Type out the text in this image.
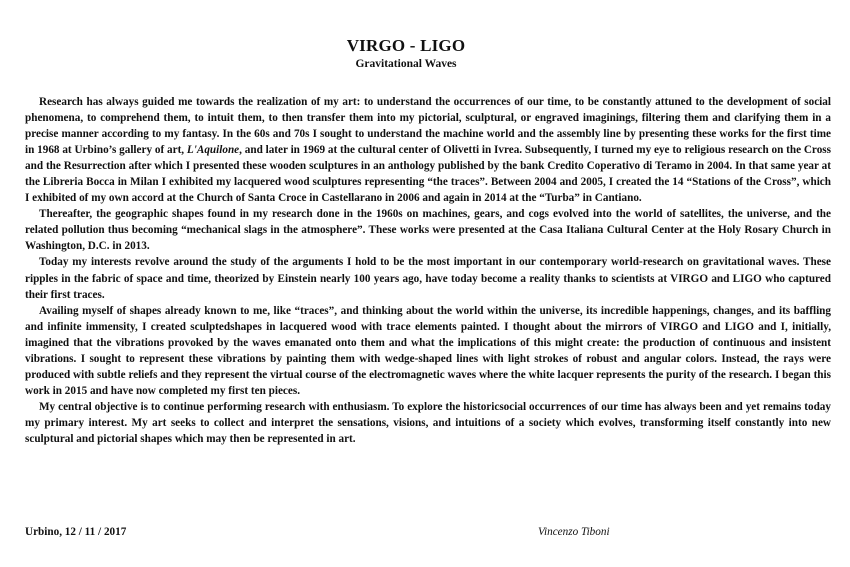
VIRGO - LIGO
Gravitational Waves

Research has always guided me towards the realization of my art: to understand the occurrences of our time, to be constantly attuned to the development of social phenomena, to comprehend them, to intuit them, to then transfer them into my pictorial, sculptural, or engraved imaginings, filtering them and clarifying them in a precise manner according to my fantasy. In the 60s and 70s I sought to understand the machine world and the assembly line by presenting these works for the first time in 1968 at Urbino’s gallery of art, L'Aquilone, and later in 1969 at the cultural center of Olivetti in Ivrea. Subsequently, I turned my eye to religious research on the Cross and the Resurrection after which I presented these wooden sculptures in an anthology published by the bank Credito Coperativo di Teramo in 2004. In that same year at the Libreria Bocca in Milan I exhibited my lacquered wood sculptures representing “the traces”. Between 2004 and 2005, I created the 14 “Stations of the Cross”, which I exhibited of my own accord at the Church of Santa Croce in Castellarano in 2006 and again in 2014 at the “Turba” in Cantiano.

Thereafter, the geographic shapes found in my research done in the 1960s on machines, gears, and cogs evolved into the world of satellites, the universe, and the related pollution thus becoming “mechanical slags in the atmosphere”. These works were presented at the Casa Italiana Cultural Center at the Holy Rosary Church in Washington, D.C. in 2013.

Today my interests revolve around the study of the arguments I hold to be the most important in our contemporary world-research on gravitational waves. These ripples in the fabric of space and time, theorized by Einstein nearly 100 years ago, have today become a reality thanks to scientists at VIRGO and LIGO who captured their first traces.

Availing myself of shapes already known to me, like “traces”, and thinking about the world within the universe, its incredible happenings, changes, and its baffling and infinite immensity, I created sculptedshapes in lacquered wood with trace elements painted. I thought about the mirrors of VIRGO and LIGO and I, initially, imagined that the vibrations provoked by the waves emanated onto them and what the implications of this might create: the production of continuous and insistent vibrations. I sought to represent these vibrations by painting them with wedge-shaped lines with light strokes of robust and angular colors. Instead, the rays were produced with subtle reliefs and they represent the virtual course of the electromagnetic waves where the white lacquer represents the purity of the research. I began this work in 2015 and have now completed my first ten pieces.

My central objective is to continue performing research with enthusiasm. To explore the historicsocial occurrences of our time has always been and yet remains today my primary interest. My art seeks to collect and interpret the sensations, visions, and intuitions of a society which evolves, transforming itself constantly into new sculptural and pictorial shapes which may then be represented in art.

Urbino, 12 / 11 / 2017	Vincenzo Tiboni
